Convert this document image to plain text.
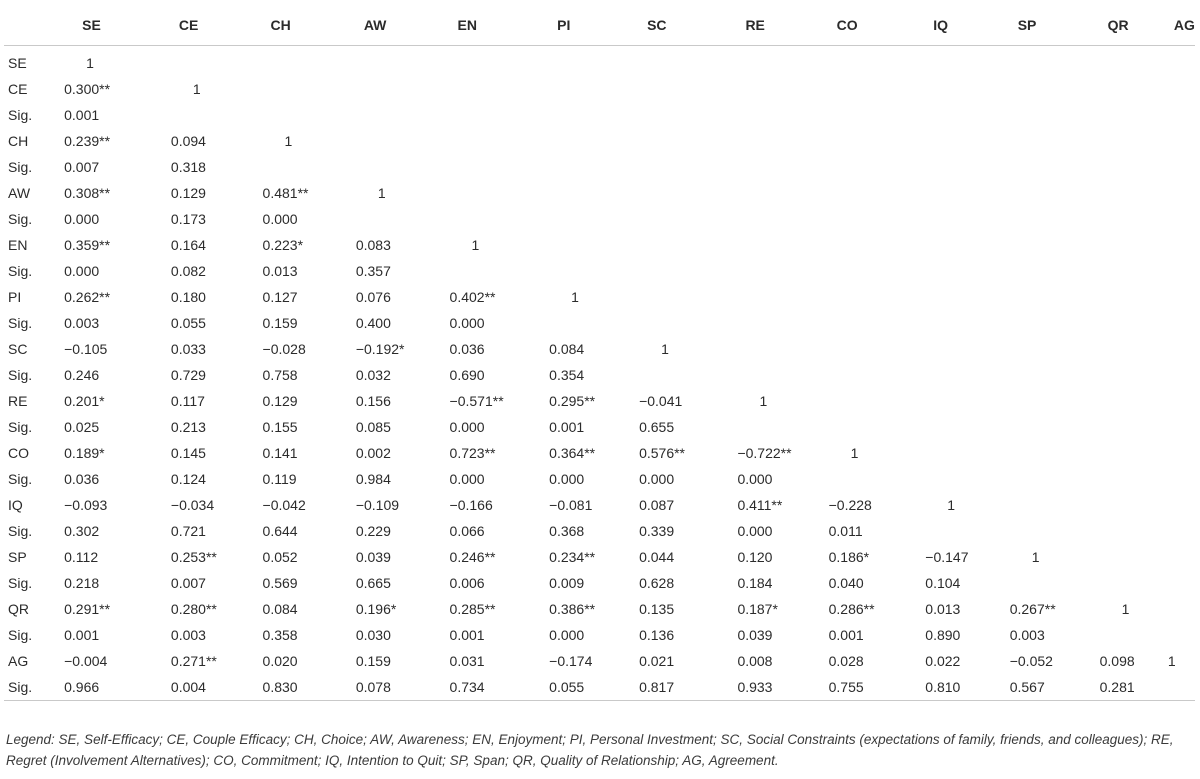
	SE	CE	CH	AW	EN	PI	SC	RE	CO	IQ	SP	QR	AG
SE	1												
CE	0.300**	1											
Sig.	0.001												
CH	0.239**	0.094	1										
Sig.	0.007	0.318											
AW	0.308**	0.129	0.481**	1									
Sig.	0.000	0.173	0.000										
EN	0.359**	0.164	0.223*	0.083	1								
Sig.	0.000	0.082	0.013	0.357									
PI	0.262**	0.180	0.127	0.076	0.402**	1							
Sig.	0.003	0.055	0.159	0.400	0.000								
SC	−0.105	0.033	−0.028	−0.192*	0.036	0.084	1						
Sig.	0.246	0.729	0.758	0.032	0.690	0.354							
RE	0.201*	0.117	0.129	0.156	−0.571**	0.295**	−0.041	1					
Sig.	0.025	0.213	0.155	0.085	0.000	0.001	0.655						
CO	0.189*	0.145	0.141	0.002	0.723**	0.364**	0.576**	−0.722**	1				
Sig.	0.036	0.124	0.119	0.984	0.000	0.000	0.000	0.000					
IQ	−0.093	−0.034	−0.042	−0.109	−0.166	−0.081	0.087	0.411**	−0.228	1			
Sig.	0.302	0.721	0.644	0.229	0.066	0.368	0.339	0.000	0.011				
SP	0.112	0.253**	0.052	0.039	0.246**	0.234**	0.044	0.120	0.186*	−0.147	1		
Sig.	0.218	0.007	0.569	0.665	0.006	0.009	0.628	0.184	0.040	0.104			
QR	0.291**	0.280**	0.084	0.196*	0.285**	0.386**	0.135	0.187*	0.286**	0.013	0.267**	1	
Sig.	0.001	0.003	0.358	0.030	0.001	0.000	0.136	0.039	0.001	0.890	0.003		
AG	−0.004	0.271**	0.020	0.159	0.031	−0.174	0.021	0.008	0.028	0.022	−0.052	0.098	1
Sig.	0.966	0.004	0.830	0.078	0.734	0.055	0.817	0.933	0.755	0.810	0.567	0.281	

Legend: SE, Self-Efficacy; CE, Couple Efficacy; CH, Choice; AW, Awareness; EN, Enjoyment; PI, Personal Investment; SC, Social Constraints (expectations of family, friends, and colleagues); RE, Regret (Involvement Alternatives); CO, Commitment; IQ, Intention to Quit; SP, Span; QR, Quality of Relationship; AG, Agreement.
